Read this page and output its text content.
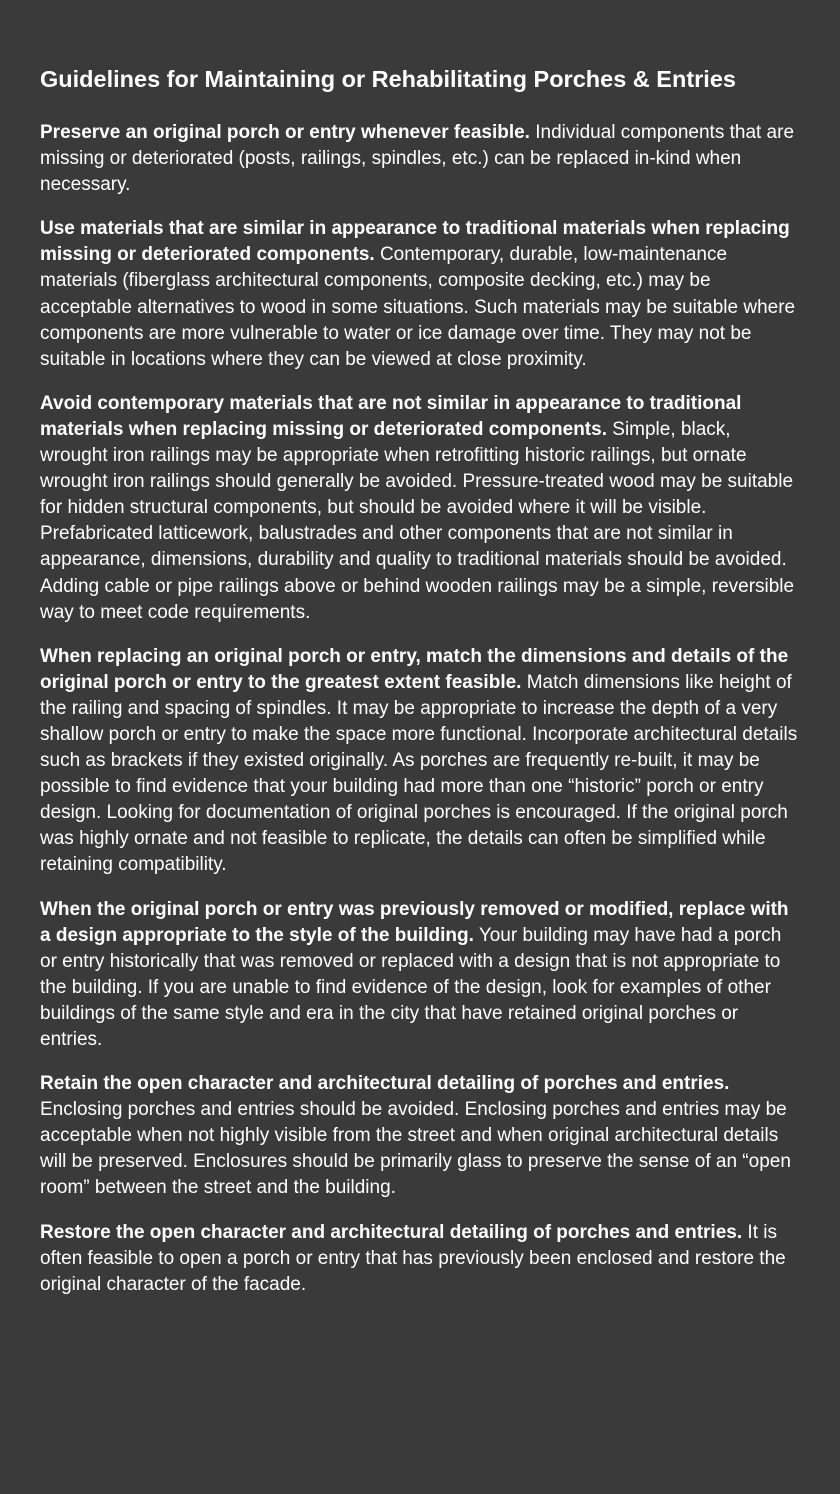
Guidelines for Maintaining or Rehabilitating Porches & Entries

Preserve an original porch or entry whenever feasible. Individual components that are missing or deteriorated (posts, railings, spindles, etc.) can be replaced in-kind when necessary.

Use materials that are similar in appearance to traditional materials when replacing missing or deteriorated components. Contemporary, durable, low-maintenance materials (fiberglass architectural components, composite decking, etc.) may be acceptable alternatives to wood in some situations. Such materials may be suitable where components are more vulnerable to water or ice damage over time. They may not be suitable in locations where they can be viewed at close proximity.

Avoid contemporary materials that are not similar in appearance to traditional materials when replacing missing or deteriorated components. Simple, black, wrought iron railings may be appropriate when retrofitting historic railings, but ornate wrought iron railings should generally be avoided. Pressure-treated wood may be suitable for hidden structural components, but should be avoided where it will be visible. Prefabricated latticework, balustrades and other components that are not similar in appearance, dimensions, durability and quality to traditional materials should be avoided. Adding cable or pipe railings above or behind wooden railings may be a simple, reversible way to meet code requirements.

When replacing an original porch or entry, match the dimensions and details of the original porch or entry to the greatest extent feasible. Match dimensions like height of the railing and spacing of spindles. It may be appropriate to increase the depth of a very shallow porch or entry to make the space more functional. Incorporate architectural details such as brackets if they existed originally. As porches are frequently re-built, it may be possible to find evidence that your building had more than one “historic” porch or entry design. Looking for documentation of original porches is encouraged. If the original porch was highly ornate and not feasible to replicate, the details can often be simplified while retaining compatibility.

When the original porch or entry was previously removed or modified, replace with a design appropriate to the style of the building. Your building may have had a porch or entry historically that was removed or replaced with a design that is not appropriate to the building. If you are unable to find evidence of the design, look for examples of other buildings of the same style and era in the city that have retained original porches or entries.

Retain the open character and architectural detailing of porches and entries. Enclosing porches and entries should be avoided. Enclosing porches and entries may be acceptable when not highly visible from the street and when original architectural details will be preserved. Enclosures should be primarily glass to preserve the sense of an “open room” between the street and the building.

Restore the open character and architectural detailing of porches and entries. It is often feasible to open a porch or entry that has previously been enclosed and restore the original character of the facade.
